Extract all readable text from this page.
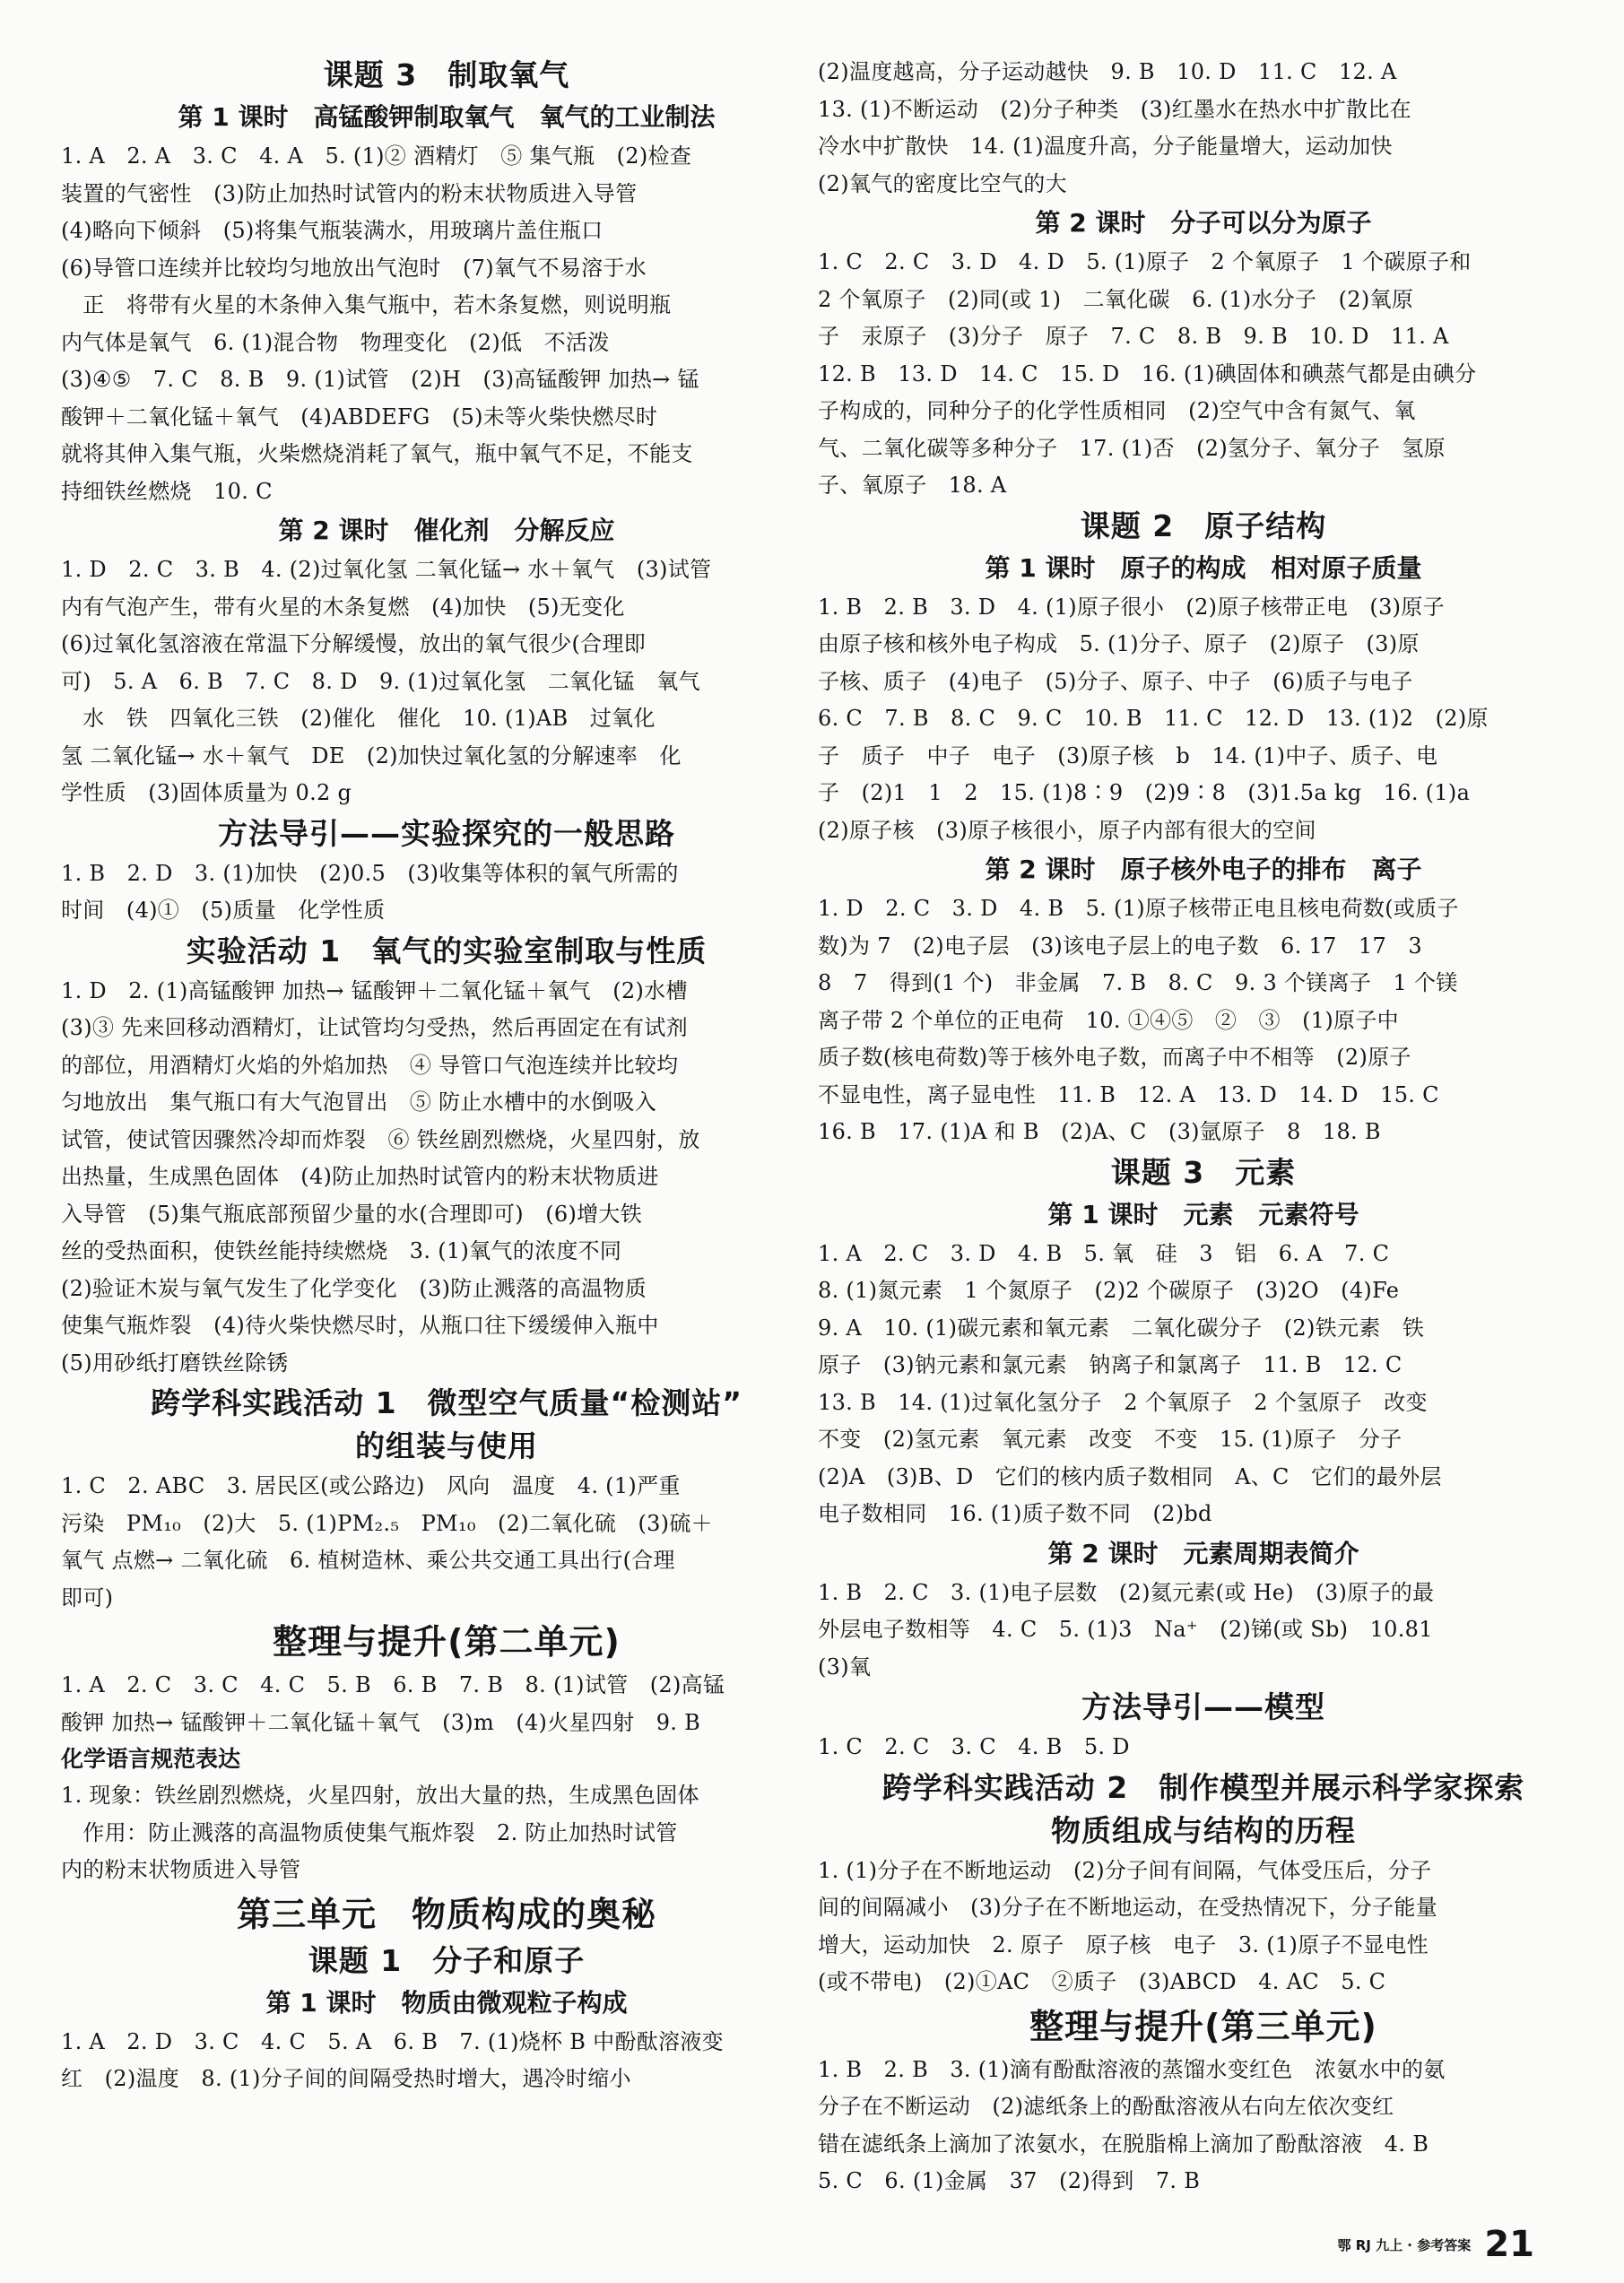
课题 3　制取氧气
第 1 课时　高锰酸钾制取氧气　氧气的工业制法
1. A　2. A　3. C　4. A　5. (1)② 酒精灯　⑤ 集气瓶　(2)检查
装置的气密性　(3)防止加热时试管内的粉末状物质进入导管
(4)略向下倾斜　(5)将集气瓶装满水，用玻璃片盖住瓶口
(6)导管口连续并比较均匀地放出气泡时　(7)氧气不易溶于水
　正　将带有火星的木条伸入集气瓶中，若木条复燃，则说明瓶
内气体是氧气　6. (1)混合物　物理变化　(2)低　不活泼
(3)④⑤　7. C　8. B　9. (1)试管　(2)H　(3)高锰酸钾 加热→ 锰
酸钾＋二氧化锰＋氧气　(4)ABDEFG　(5)未等火柴快燃尽时
就将其伸入集气瓶，火柴燃烧消耗了氧气，瓶中氧气不足，不能支
持细铁丝燃烧　10. C
第 2 课时　催化剂　分解反应
1. D　2. C　3. B　4. (2)过氧化氢 二氧化锰→ 水＋氧气　(3)试管
内有气泡产生，带有火星的木条复燃　(4)加快　(5)无变化
(6)过氧化氢溶液在常温下分解缓慢，放出的氧气很少(合理即
可)　5. A　6. B　7. C　8. D　9. (1)过氧化氢　二氧化锰　氧气
　水　铁　四氧化三铁　(2)催化　催化　10. (1)AB　过氧化
氢 二氧化锰→ 水＋氧气　DE　(2)加快过氧化氢的分解速率　化
学性质　(3)固体质量为 0.2 g
方法导引——实验探究的一般思路
1. B　2. D　3. (1)加快　(2)0.5　(3)收集等体积的氧气所需的
时间　(4)①　(5)质量　化学性质
实验活动 1　氧气的实验室制取与性质
1. D　2. (1)高锰酸钾 加热→ 锰酸钾＋二氧化锰＋氧气　(2)水槽
(3)③ 先来回移动酒精灯，让试管均匀受热，然后再固定在有试剂
的部位，用酒精灯火焰的外焰加热　④ 导管口气泡连续并比较均
匀地放出　集气瓶口有大气泡冒出　⑤ 防止水槽中的水倒吸入
试管，使试管因骤然冷却而炸裂　⑥ 铁丝剧烈燃烧，火星四射，放
出热量，生成黑色固体　(4)防止加热时试管内的粉末状物质进
入导管　(5)集气瓶底部预留少量的水(合理即可)　(6)增大铁
丝的受热面积，使铁丝能持续燃烧　3. (1)氧气的浓度不同
(2)验证木炭与氧气发生了化学变化　(3)防止溅落的高温物质
使集气瓶炸裂　(4)待火柴快燃尽时，从瓶口往下缓缓伸入瓶中
(5)用砂纸打磨铁丝除锈
跨学科实践活动 1　微型空气质量“检测站”
的组装与使用
1. C　2. ABC　3. 居民区(或公路边)　风向　温度　4. (1)严重
污染　PM₁₀　(2)大　5. (1)PM₂.₅　PM₁₀　(2)二氧化硫　(3)硫＋
氧气 点燃→ 二氧化硫　6. 植树造林、乘公共交通工具出行(合理
即可)
整理与提升(第二单元)
1. A　2. C　3. C　4. C　5. B　6. B　7. B　8. (1)试管　(2)高锰
酸钾 加热→ 锰酸钾＋二氧化锰＋氧气　(3)m　(4)火星四射　9. B
化学语言规范表达
1. 现象：铁丝剧烈燃烧，火星四射，放出大量的热，生成黑色固体
　作用：防止溅落的高温物质使集气瓶炸裂　2. 防止加热时试管
内的粉末状物质进入导管
第三单元　物质构成的奥秘
课题 1　分子和原子
第 1 课时　物质由微观粒子构成
1. A　2. D　3. C　4. C　5. A　6. B　7. (1)烧杯 B 中酚酞溶液变
红　(2)温度　8. (1)分子间的间隔受热时增大，遇冷时缩小
(2)温度越高，分子运动越快　9. B　10. D　11. C　12. A
13. (1)不断运动　(2)分子种类　(3)红墨水在热水中扩散比在
冷水中扩散快　14. (1)温度升高，分子能量增大，运动加快
(2)氧气的密度比空气的大
第 2 课时　分子可以分为原子
1. C　2. C　3. D　4. D　5. (1)原子　2 个氧原子　1 个碳原子和
2 个氧原子　(2)同(或 1)　二氧化碳　6. (1)水分子　(2)氧原
子　汞原子　(3)分子　原子　7. C　8. B　9. B　10. D　11. A
12. B　13. D　14. C　15. D　16. (1)碘固体和碘蒸气都是由碘分
子构成的，同种分子的化学性质相同　(2)空气中含有氮气、氧
气、二氧化碳等多种分子　17. (1)否　(2)氢分子、氧分子　氢原
子、氧原子　18. A
课题 2　原子结构
第 1 课时　原子的构成　相对原子质量
1. B　2. B　3. D　4. (1)原子很小　(2)原子核带正电　(3)原子
由原子核和核外电子构成　5. (1)分子、原子　(2)原子　(3)原
子核、质子　(4)电子　(5)分子、原子、中子　(6)质子与电子
6. C　7. B　8. C　9. C　10. B　11. C　12. D　13. (1)2　(2)原
子　质子　中子　电子　(3)原子核　b　14. (1)中子、质子、电
子　(2)1　1　2　15. (1)8∶9　(2)9∶8　(3)1.5a kg　16. (1)a
(2)原子核　(3)原子核很小，原子内部有很大的空间
第 2 课时　原子核外电子的排布　离子
1. D　2. C　3. D　4. B　5. (1)原子核带正电且核电荷数(或质子
数)为 7　(2)电子层　(3)该电子层上的电子数　6. 17　17　3
8　7　得到(1 个)　非金属　7. B　8. C　9. 3 个镁离子　1 个镁
离子带 2 个单位的正电荷　10. ①④⑤　②　③　(1)原子中
质子数(核电荷数)等于核外电子数，而离子中不相等　(2)原子
不显电性，离子显电性　11. B　12. A　13. D　14. D　15. C
16. B　17. (1)A 和 B　(2)A、C　(3)氩原子　8　18. B
课题 3　元素
第 1 课时　元素　元素符号
1. A　2. C　3. D　4. B　5. 氧　硅　3　铝　6. A　7. C
8. (1)氮元素　1 个氮原子　(2)2 个碳原子　(3)2O　(4)Fe
9. A　10. (1)碳元素和氧元素　二氧化碳分子　(2)铁元素　铁
原子　(3)钠元素和氯元素　钠离子和氯离子　11. B　12. C
13. B　14. (1)过氧化氢分子　2 个氧原子　2 个氢原子　改变
不变　(2)氢元素　氧元素　改变　不变　15. (1)原子　分子
(2)A　(3)B、D　它们的核内质子数相同　A、C　它们的最外层
电子数相同　16. (1)质子数不同　(2)bd
第 2 课时　元素周期表简介
1. B　2. C　3. (1)电子层数　(2)氦元素(或 He)　(3)原子的最
外层电子数相等　4. C　5. (1)3　Na⁺　(2)锑(或 Sb)　10.81
(3)氧
方法导引——模型
1. C　2. C　3. C　4. B　5. D
跨学科实践活动 2　制作模型并展示科学家探索
物质组成与结构的历程
1. (1)分子在不断地运动　(2)分子间有间隔，气体受压后，分子
间的间隔减小　(3)分子在不断地运动，在受热情况下，分子能量
增大，运动加快　2. 原子　原子核　电子　3. (1)原子不显电性
(或不带电)　(2)①AC　②质子　(3)ABCD　4. AC　5. C
整理与提升(第三单元)
1. B　2. B　3. (1)滴有酚酞溶液的蒸馏水变红色　浓氨水中的氨
分子在不断运动　(2)滤纸条上的酚酞溶液从右向左依次变红
错在滤纸条上滴加了浓氨水，在脱脂棉上滴加了酚酞溶液　4. B
5. C　6. (1)金属　37　(2)得到　7. B
鄂 RJ 九上 · 参考答案 21
